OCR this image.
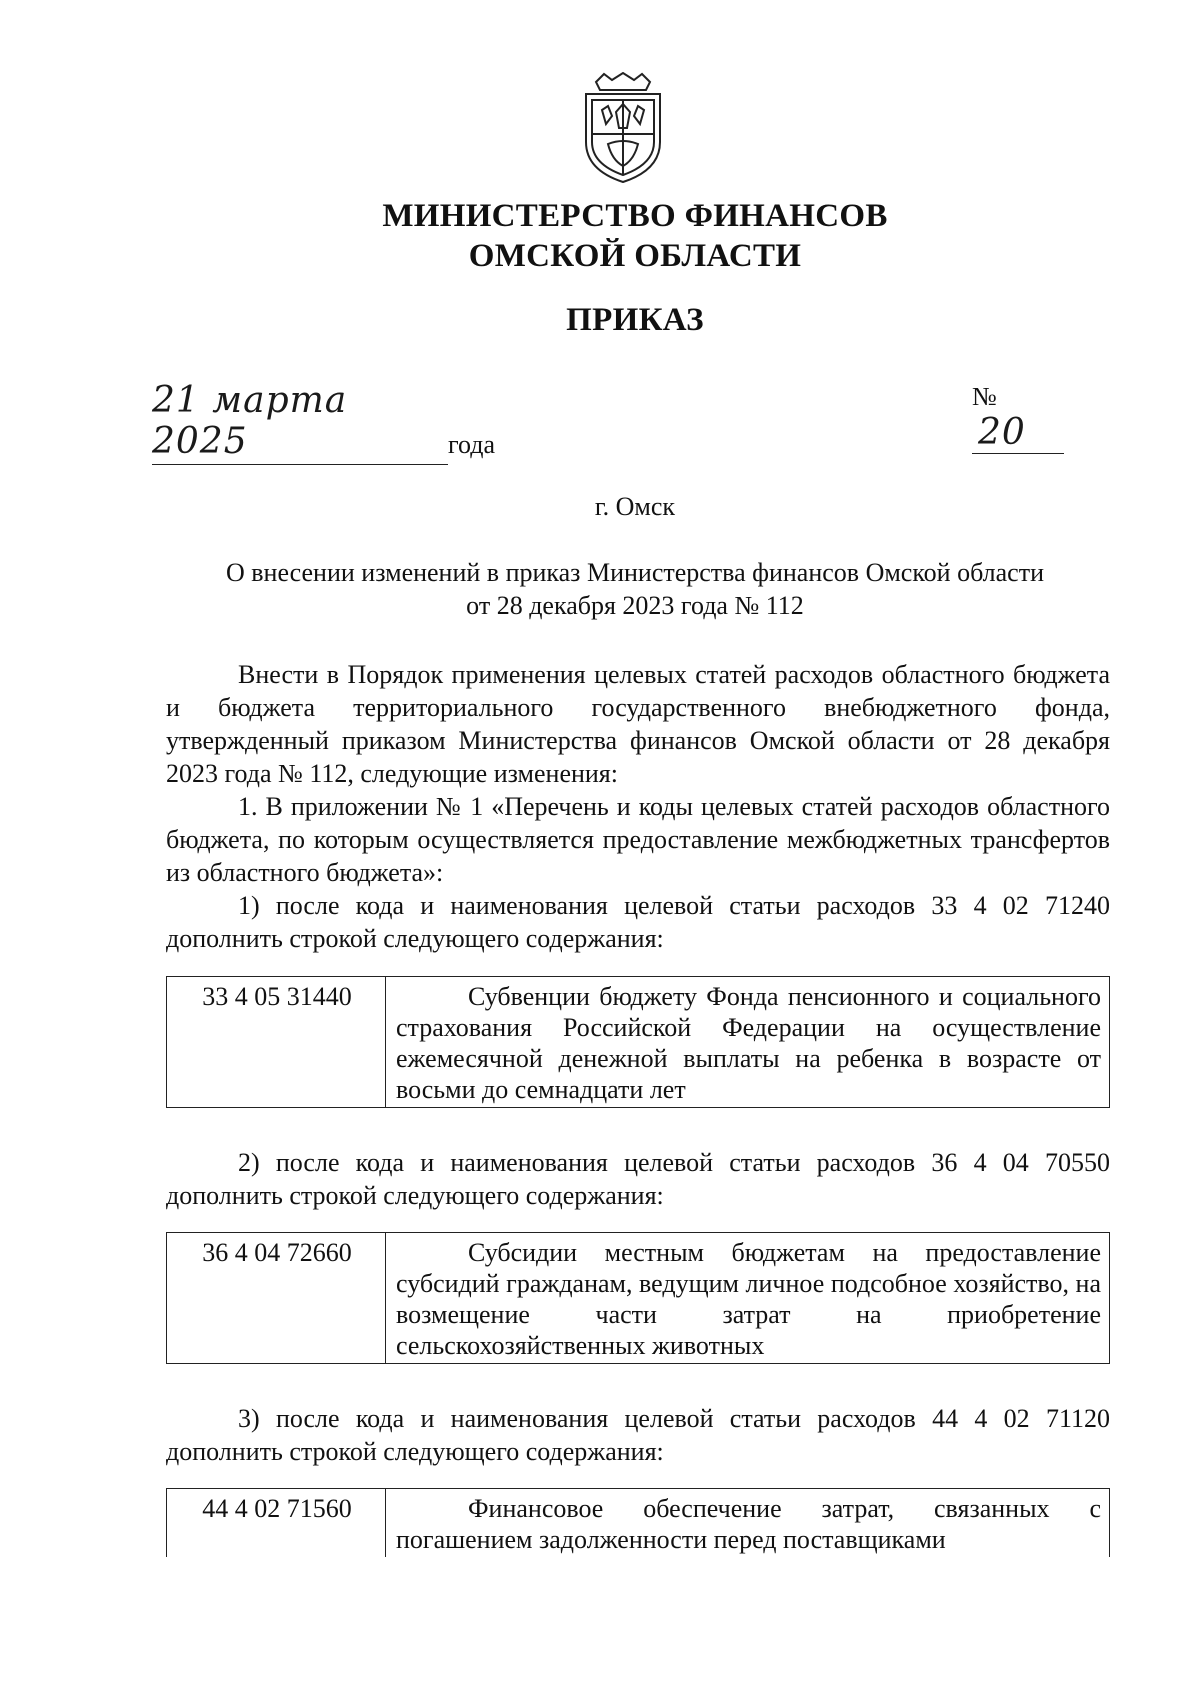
МИНИСТЕРСТВО ФИНАНСОВ
ОМСКОЙ ОБЛАСТИ
ПРИКАЗ
21 марта 2025	года
№ 20
г. Омск
О внесении изменений в приказ Министерства финансов Омской области
от 28 декабря 2023 года № 112
Внести в Порядок применения целевых статей расходов областного бюджета и бюджета территориального государственного внебюджетного фонда, утвержденный приказом Министерства финансов Омской области от 28 декабря 2023 года № 112, следующие изменения:
1. В приложении № 1 «Перечень и коды целевых статей расходов областного бюджета, по которым осуществляется предоставление межбюджетных трансфертов из областного бюджета»:
1) после кода и наименования целевой статьи расходов 33 4 02 71240 дополнить строкой следующего содержания:
33 4 05 31440	Субвенции бюджету Фонда пенсионного и социального страхования Российской Федерации на осуществление ежемесячной денежной выплаты на ребенка в возрасте от восьми до семнадцати лет
2) после кода и наименования целевой статьи расходов 36 4 04 70550 дополнить строкой следующего содержания:
36 4 04 72660	Субсидии местным бюджетам на предоставление субсидий гражданам, ведущим личное подсобное хозяйство, на возмещение части затрат на приобретение сельскохозяйственных животных
3) после кода и наименования целевой статьи расходов 44 4 02 71120 дополнить строкой следующего содержания:
44 4 02 71560	Финансовое обеспечение затрат, связанных с погашением задолженности перед поставщиками
